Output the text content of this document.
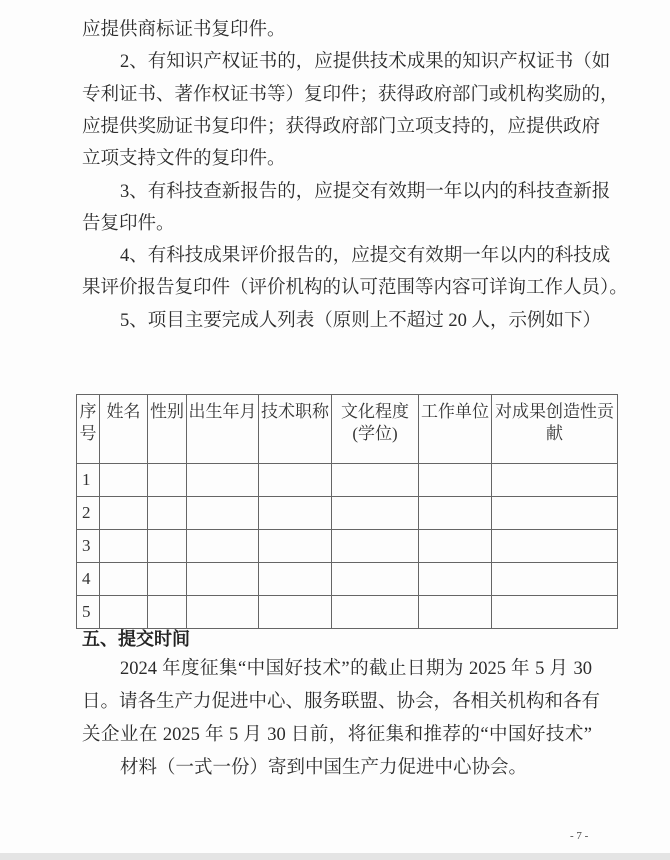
应提供商标证书复印件。
2、有知识产权证书的，应提供技术成果的知识产权证书（如
专利证书、著作权证书等）复印件；获得政府部门或机构奖励的，
应提供奖励证书复印件；获得政府部门立项支持的，应提供政府
立项支持文件的复印件。
3、有科技查新报告的，应提交有效期一年以内的科技查新报
告复印件。
4、有科技成果评价报告的，应提交有效期一年以内的科技成
果评价报告复印件（评价机构的认可范围等内容可详询工作人员）。
5、项目主要完成人列表（原则上不超过 20 人，示例如下）
序号	姓名	性别	出生年月	技术职称	文化程度(学位)	工作单位	对成果创造性贡献
1							
2							
3							
4							
5							
五、提交时间
2024 年度征集“中国好技术”的截止日期为 2025 年 5 月 30
日。请各生产力促进中心、服务联盟、协会，各相关机构和各有
关企业在 2025 年 5 月 30 日前，将征集和推荐的“中国好技术”
材料（一式一份）寄到中国生产力促进中心协会。
- 7 -
